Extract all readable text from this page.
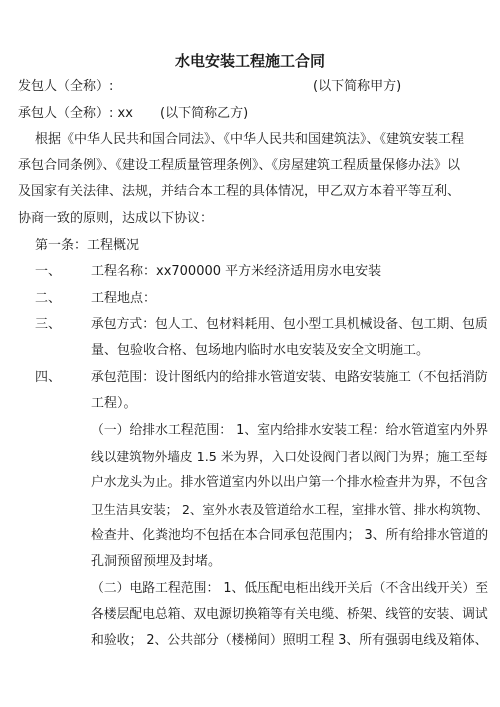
水电安装工程施工合同
发包人（全称）:	(以下简称甲方)
承包人（全称）: xx (以下简称乙方)
根据《中华人民共和国合同法》、《中华人民共和国建筑法》、《建筑安装工程
承包合同条例》、《建设工程质量管理条例》、《房屋建筑工程质量保修办法》以
及国家有关法律、法规，并结合本工程的具体情况，甲乙双方本着平等互利、
协商一致的原则，达成以下协议：
第一条：工程概况
一、 工程名称：xx700000 平方米经济适用房水电安装
二、 工程地点：
三、 承包方式：包人工、包材料耗用、包小型工具机械设备、包工期、包质
量、包验收合格、包场地内临时水电安装及安全文明施工。
四、 承包范围：设计图纸内的给排水管道安装、电路安装施工（不包括消防
工程）。
（一）给排水工程范围： 1、室内给排水安装工程：给水管道室内外界
线以建筑物外墙皮 1.5 米为界，入口处设阀门者以阀门为界；施工至每
户水龙头为止。排水管道室内外以出户第一个排水检查井为界，不包含
卫生洁具安装； 2、室外水表及管道给水工程，室排水管、排水构筑物、
检查井、化粪池均不包括在本合同承包范围内； 3、所有给排水管道的
孔洞预留预埋及封堵。
（二）电路工程范围： 1、低压配电柜出线开关后（不含出线开关）至
各楼层配电总箱、双电源切换箱等有关电缆、桥架、线管的安装、调试
和验收； 2、公共部分（楼梯间）照明工程 3、所有强弱电线及箱体、
